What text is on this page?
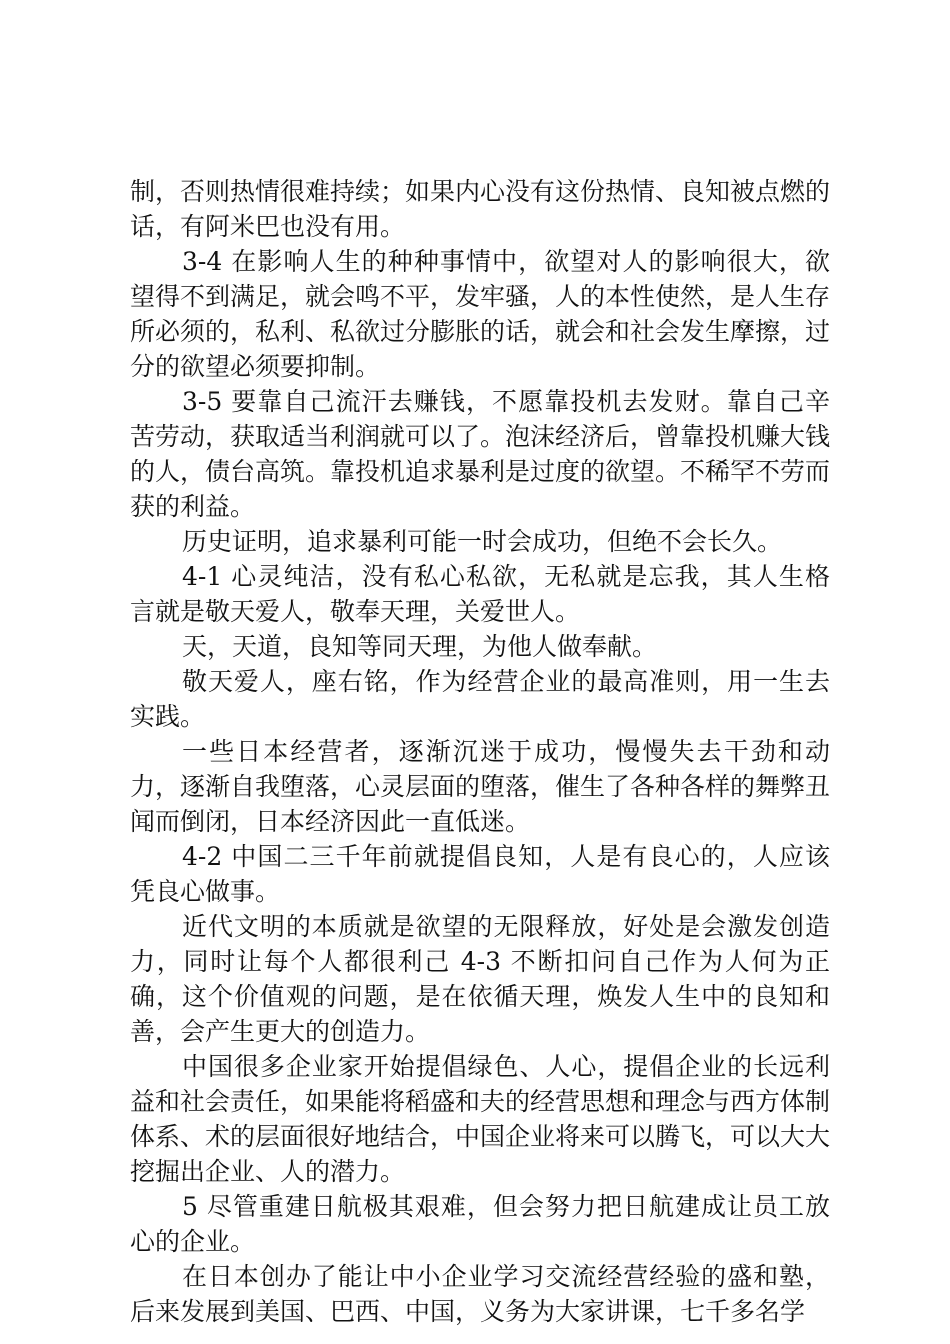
制，否则热情很难持续；如果内心没有这份热情、良知被点燃的话，有阿米巴也没有用。

3-4 在影响人生的种种事情中，欲望对人的影响很大，欲望得不到满足，就会鸣不平，发牢骚，人的本性使然，是人生存所必须的，私利、私欲过分膨胀的话，就会和社会发生摩擦，过分的欲望必须要抑制。

3-5 要靠自己流汗去赚钱，不愿靠投机去发财。靠自己辛苦劳动，获取适当利润就可以了。泡沫经济后，曾靠投机赚大钱的人，债台高筑。靠投机追求暴利是过度的欲望。不稀罕不劳而获的利益。

历史证明，追求暴利可能一时会成功，但绝不会长久。

4-1 心灵纯洁，没有私心私欲，无私就是忘我，其人生格言就是敬天爱人，敬奉天理，关爱世人。

天，天道，良知等同天理，为他人做奉献。

敬天爱人，座右铭，作为经营企业的最高准则，用一生去实践。

一些日本经营者，逐渐沉迷于成功，慢慢失去干劲和动力，逐渐自我堕落，心灵层面的堕落，催生了各种各样的舞弊丑闻而倒闭，日本经济因此一直低迷。

4-2 中国二三千年前就提倡良知，人是有良心的，人应该凭良心做事。

近代文明的本质就是欲望的无限释放，好处是会激发创造力，同时让每个人都很利己 4-3 不断扣问自己作为人何为正确，这个价值观的问题，是在依循天理，焕发人生中的良知和善，会产生更大的创造力。

中国很多企业家开始提倡绿色、人心，提倡企业的长远利益和社会责任，如果能将稻盛和夫的经营思想和理念与西方体制体系、术的层面很好地结合，中国企业将来可以腾飞，可以大大挖掘出企业、人的潜力。

5 尽管重建日航极其艰难，但会努力把日航建成让员工放心的企业。

在日本创办了能让中小企业学习交流经营经验的盛和塾，后来发展到美国、巴西、中国，义务为大家讲课，七千多名学
